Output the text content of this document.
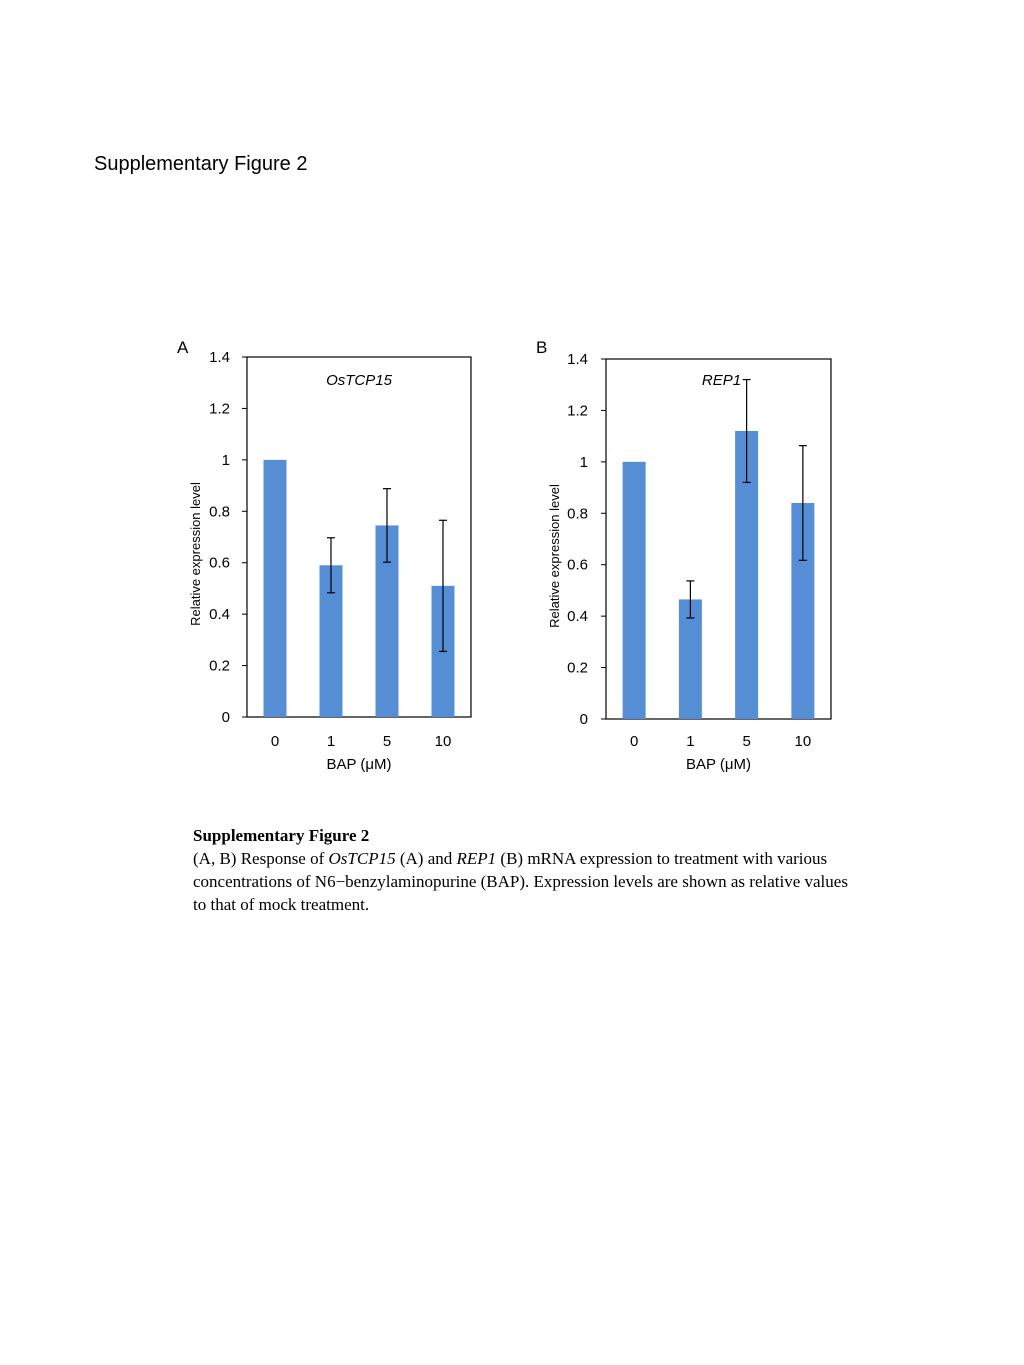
Supplementary Figure 2
A	B
0
0.2
0.4
0.6
0.8
1
1.2
1.4
0	1	5	10
OsTCP15
BAP (μM)
Relative expression level
0
0.2
0.4
0.6
0.8
1
1.2
1.4
0	1	5	10
REP1
BAP (μM)
Relative expression level
Supplementary Figure 2
(A, B) Response of OsTCP15 (A) and REP1 (B) mRNA expression to treatment with various concentrations of N6−benzylaminopurine (BAP). Expression levels are shown as relative values to that of mock treatment.
